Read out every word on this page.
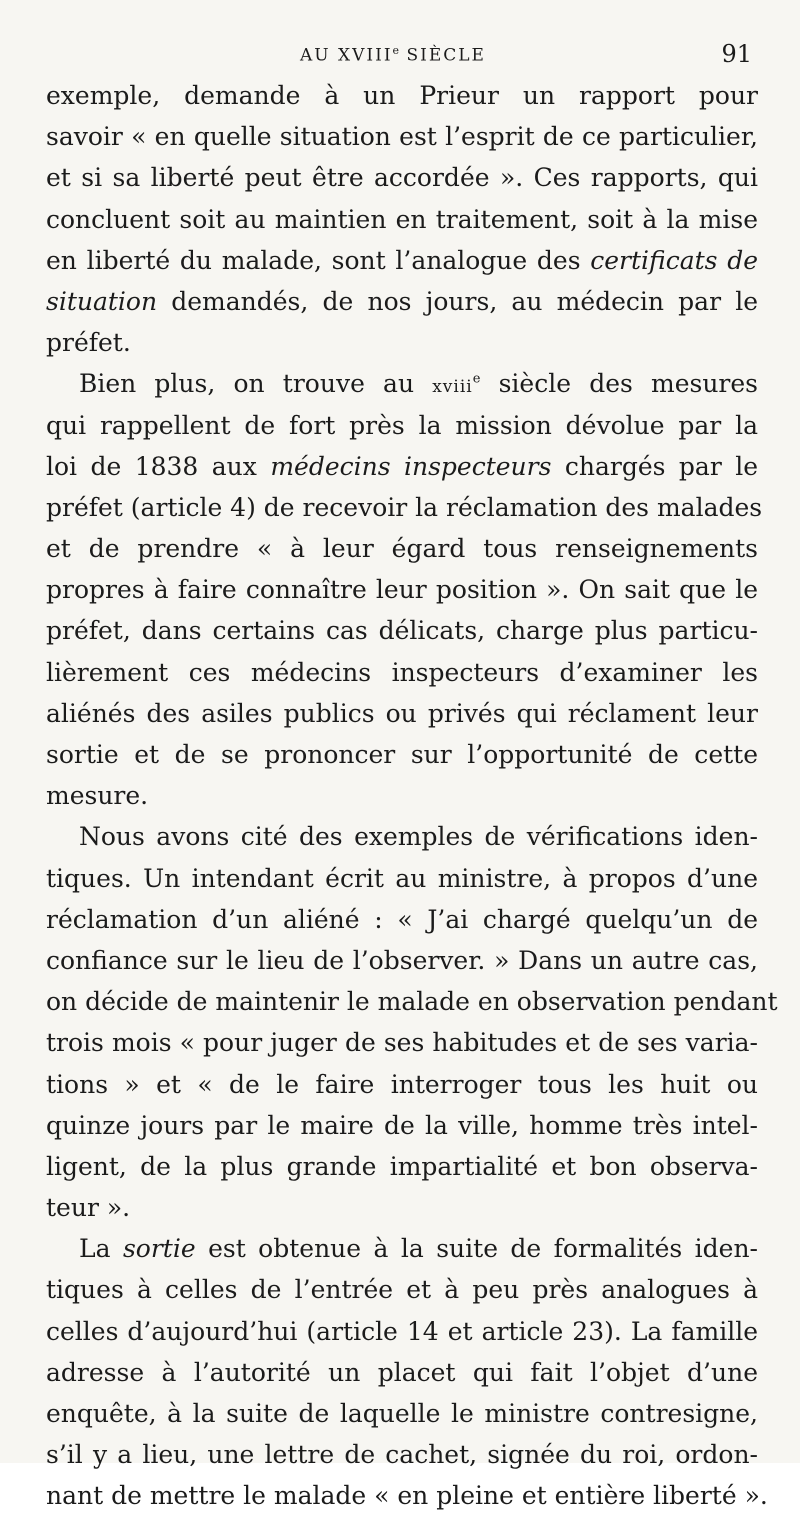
AU XVIIIe SIÈCLE	91
exemple, demande à un Prieur un rapport pour
savoir « en quelle situation est l’esprit de ce particulier,
et si sa liberté peut être accordée ». Ces rapports, qui
concluent soit au maintien en traitement, soit à la mise
en liberté du malade, sont l’analogue des certificats de
situation demandés, de nos jours, au médecin par le
préfet.
Bien plus, on trouve au xviii$^e$ siècle des mesures
qui rappellent de fort près la mission dévolue par la
loi de 1838 aux médecins inspecteurs chargés par le
préfet (article 4) de recevoir la réclamation des malades
et de prendre « à leur égard tous renseignements
propres à faire connaître leur position ». On sait que le
préfet, dans certains cas délicats, charge plus particu-
lièrement ces médecins inspecteurs d’examiner les
aliénés des asiles publics ou privés qui réclament leur
sortie et de se prononcer sur l’opportunité de cette
mesure.
Nous avons cité des exemples de vérifications iden-
tiques. Un intendant écrit au ministre, à propos d’une
réclamation d’un aliéné : « J’ai chargé quelqu’un de
confiance sur le lieu de l’observer. » Dans un autre cas,
on décide de maintenir le malade en observation pendant
trois mois « pour juger de ses habitudes et de ses varia-
tions » et « de le faire interroger tous les huit ou
quinze jours par le maire de la ville, homme très intel-
ligent, de la plus grande impartialité et bon observa-
teur ».
La sortie est obtenue à la suite de formalités iden-
tiques à celles de l’entrée et à peu près analogues à
celles d’aujourd’hui (article 14 et article 23). La famille
adresse à l’autorité un placet qui fait l’objet d’une
enquête, à la suite de laquelle le ministre contresigne,
s’il y a lieu, une lettre de cachet, signée du roi, ordon-
nant de mettre le malade « en pleine et entière liberté ».
